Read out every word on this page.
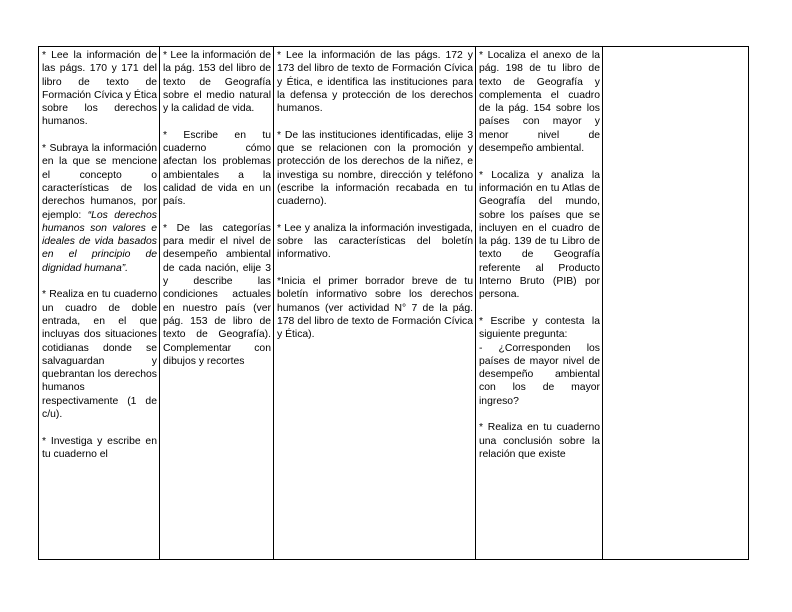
* Lee la información de las págs. 170 y 171 del libro de texto de Formación Cívica y Ética sobre los derechos humanos.
* Subraya la información en la que se mencione el concepto o características de los derechos humanos, por ejemplo: “Los derechos humanos son valores e ideales de vida basados en el principio de dignidad humana”.
* Realiza en tu cuaderno un cuadro de doble entrada, en el que incluyas dos situaciones cotidianas donde se salvaguardan y quebrantan los derechos humanos respectivamente (1 de c/u).
* Investiga y escribe en tu cuaderno el

* Lee la información de la pág. 153 del libro de texto de Geografía sobre el medio natural y la calidad de vida.
* Escribe en tu cuaderno cómo afectan los problemas ambientales a la calidad de vida en un país.
* De las categorías para medir el nivel de desempeño ambiental de cada nación, elije 3 y describe las condiciones actuales en nuestro país (ver pág. 153 de libro de texto de Geografía). Complementar con dibujos y recortes

* Lee la información de las págs. 172 y 173 del libro de texto de Formación Cívica y Ética, e identifica las instituciones para la defensa y protección de los derechos humanos.
* De las instituciones identificadas, elije 3 que se relacionen con la promoción y protección de los derechos de la niñez, e investiga su nombre, dirección y teléfono (escribe la información recabada en tu cuaderno).
* Lee y analiza la información investigada, sobre las características del boletín informativo.
*Inicia el primer borrador breve de tu boletín informativo sobre los derechos humanos (ver actividad N° 7 de la pág. 178 del libro de texto de Formación Cívica y Ética).

* Localiza el anexo de la pág. 198 de tu libro de texto de Geografía y complementa el cuadro de la pág. 154 sobre los países con mayor y menor nivel de desempeño ambiental.
* Localiza y analiza la información en tu Atlas de Geografía del mundo, sobre los países que se incluyen en el cuadro de la pág. 139 de tu Libro de texto de Geografía referente al Producto Interno Bruto (PIB) por persona.
* Escribe y contesta la siguiente pregunta:
- ¿Corresponden los países de mayor nivel de desempeño ambiental con los de mayor ingreso?
* Realiza en tu cuaderno una conclusión sobre la relación que existe
